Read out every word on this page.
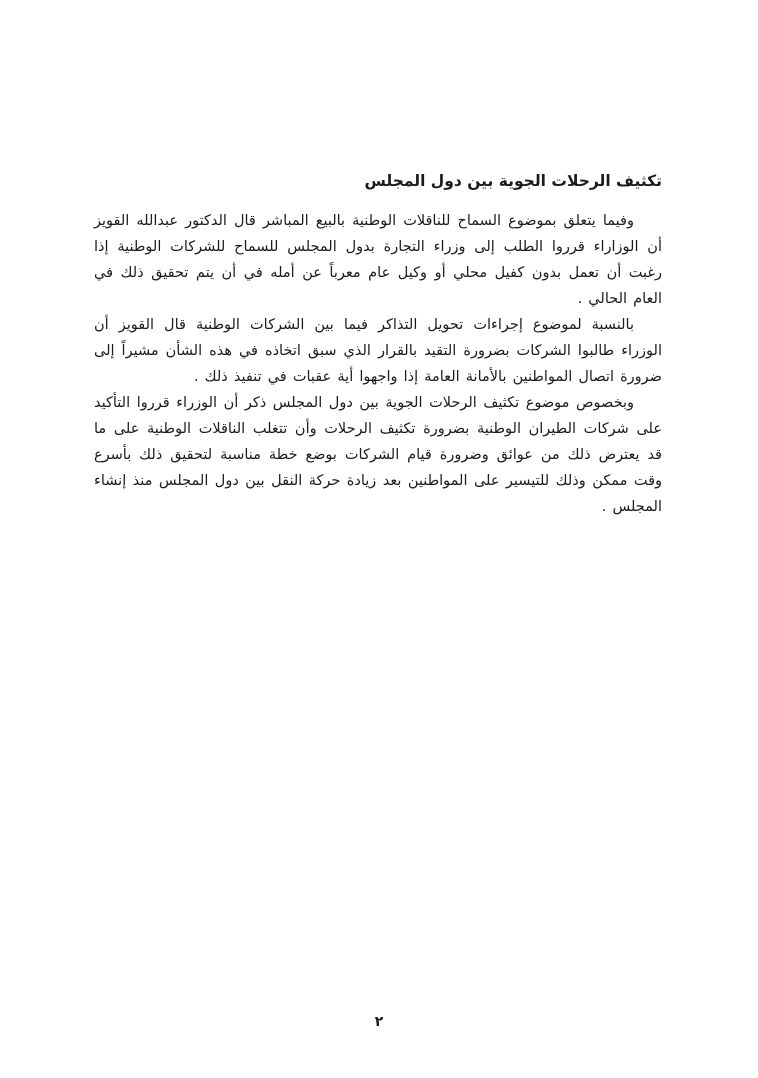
تكثيف الرحلات الجوية بين دول المجلس

وفيما يتعلق بموضوع السماح للناقلات الوطنية بالبيع المباشر قال الدكتور عبدالله القويز أن الوزاراء قرروا الطلب إلى وزراء التجارة بدول المجلس للسماح للشركات الوطنية إذا رغبت أن تعمل بدون كفيل محلي أو وكيل عام معرباً عن أمله في أن يتم تحقيق ذلك في العام الحالي .

بالنسبة لموضوع إجراءات تحويل التذاكر فيما بين الشركات الوطنية قال القويز أن الوزراء طالبوا الشركات بضرورة التقيد بالقرار الذي سبق اتخاذه في هذه الشأن مشيراً إلى ضرورة اتصال المواطنين بالأمانة العامة إذا واجهوا أية عقبات في تنفيذ ذلك .

وبخصوص موضوع تكثيف الرحلات الجوية بين دول المجلس ذكر أن الوزراء قرروا التأكيد على شركات الطيران الوطنية بضرورة تكثيف الرحلات وأن تتغلب الناقلات الوطنية على ما قد يعترض ذلك من عوائق وضرورة قيام الشركات بوضع خطة مناسبة لتحقيق ذلك بأسرع وقت ممكن وذلك للتيسير على المواطنين بعد زيادة حركة النقل بين دول المجلس منذ إنشاء المجلس .

٢
